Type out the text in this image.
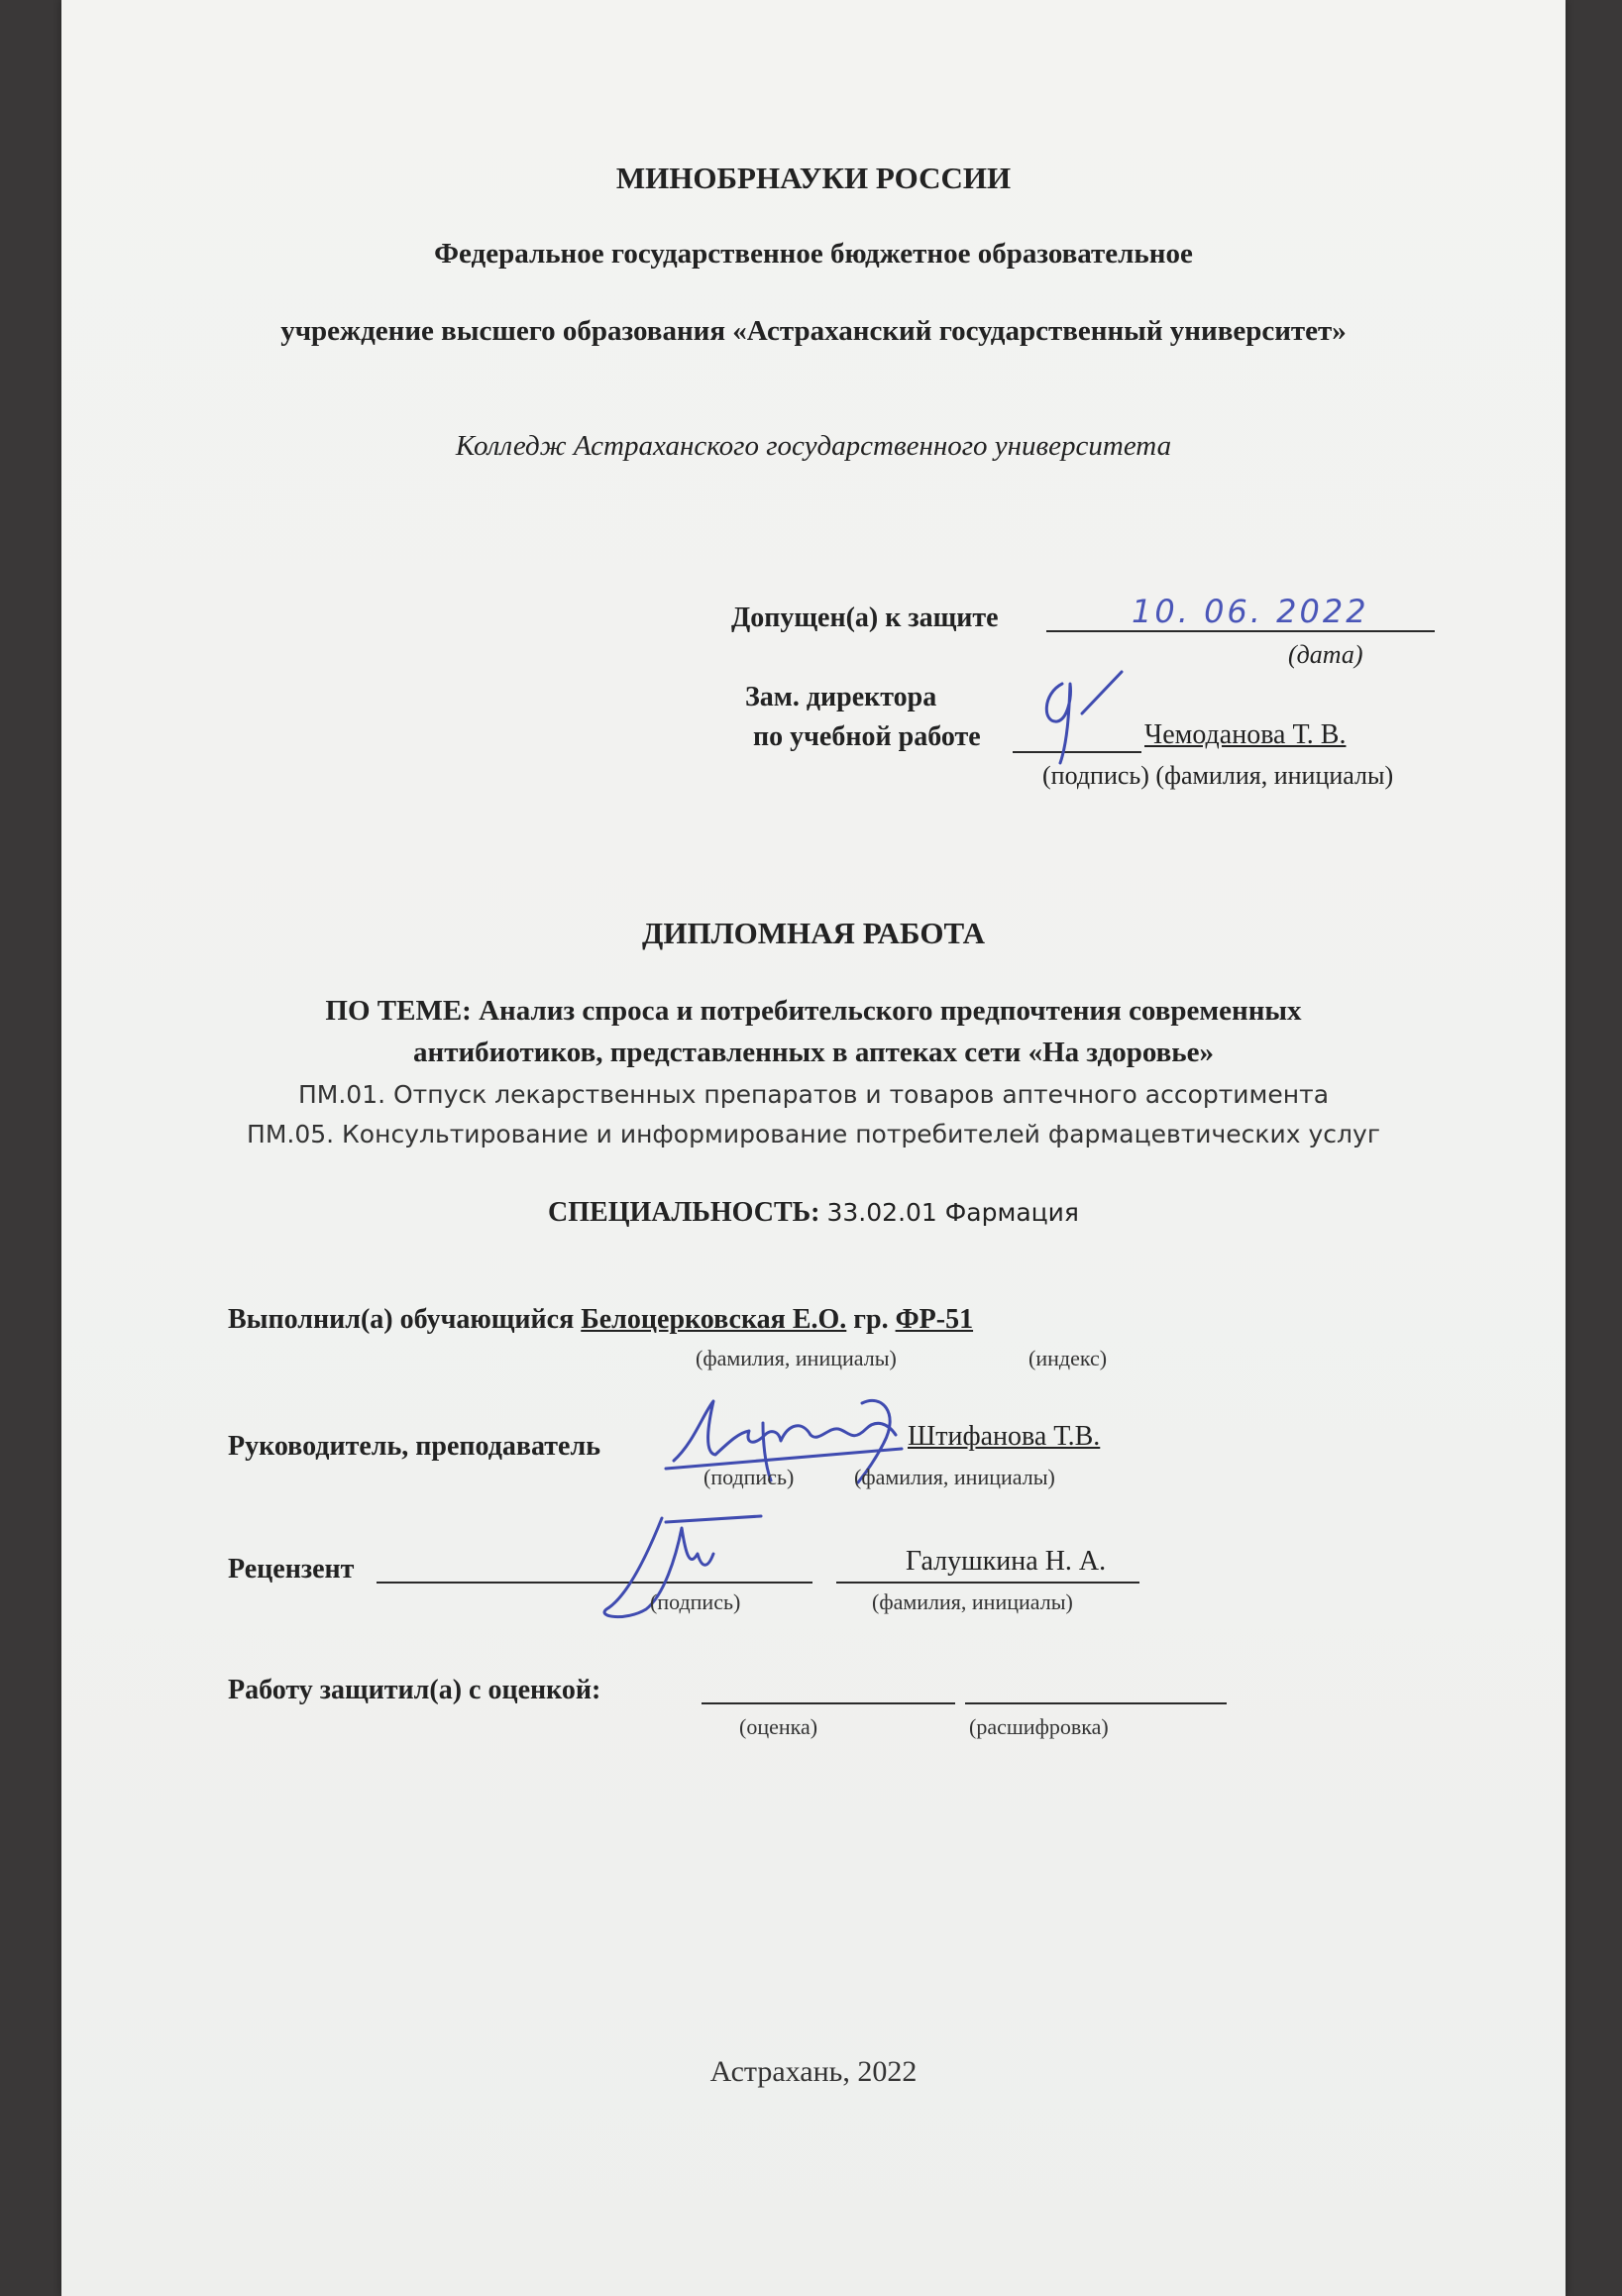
МИНОБРНАУКИ РОССИИ
Федеральное государственное бюджетное образовательное
учреждение высшего образования «Астраханский государственный университет»
Колледж Астраханского государственного университета
Допущен(а) к защите	10. 06. 2022
(дата)
Зам. директора
по учебной работе	Чемоданова Т. В.
(подпись) (фамилия, инициалы)
ДИПЛОМНАЯ РАБОТА
ПО ТЕМЕ: Анализ спроса и потребительского предпочтения современных
антибиотиков, представленных в аптеках сети «На здоровье»
ПМ.01. Отпуск лекарственных препаратов и товаров аптечного ассортимента
ПМ.05. Консультирование и информирование потребителей фармацевтических услуг
СПЕЦИАЛЬНОСТЬ: 33.02.01 Фармация
Выполнил(а) обучающийся Белоцерковская Е.О. гр. ФР-51
(фамилия, инициалы)	(индекс)
Руководитель, преподаватель	Штифанова Т.В.
(подпись)	(фамилия, инициалы)
Рецензент	Галушкина Н. А.
(подпись)	(фамилия, инициалы)
Работу защитил(а) с оценкой:
(оценка)	(расшифровка)
Астрахань, 2022
